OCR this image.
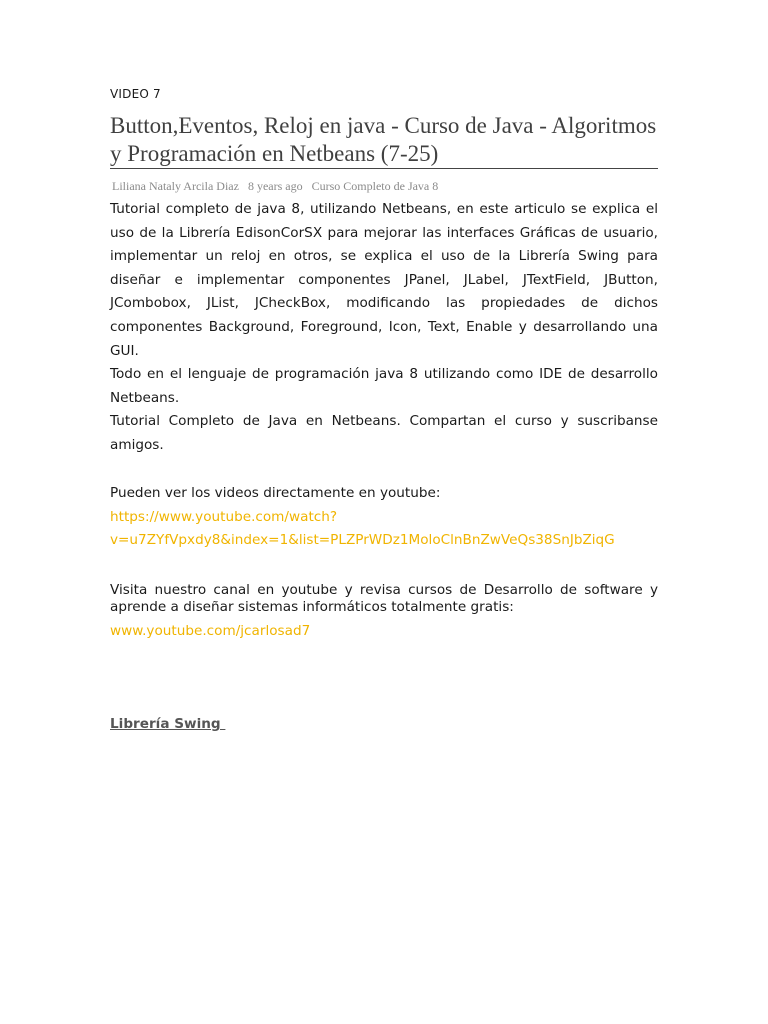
VIDEO 7
Button,Eventos, Reloj en java - Curso de Java - Algoritmos y Programación en Netbeans (7-25)
Liliana Nataly Arcila Diaz 8 years ago Curso Completo de Java 8

Tutorial completo de java 8, utilizando Netbeans, en este articulo se explica el uso de la Librería EdisonCorSX para mejorar las interfaces Gráficas de usuario, implementar un reloj en otros, se explica el uso de la Librería Swing para diseñar e implementar componentes JPanel, JLabel, JTextField, JButton, JCombobox, JList, JCheckBox, modificando las propiedades de dichos componentes Background, Foreground, Icon, Text, Enable y desarrollando una GUI.

Todo en el lenguaje de programación java 8 utilizando como IDE de desarrollo Netbeans.

Tutorial Completo de Java en Netbeans. Compartan el curso y suscribanse amigos.

Pueden ver los videos directamente en youtube:

https://www.youtube.com/watch?
v=u7ZYfVpxdy8&index=1&list=PLZPrWDz1MoloClnBnZwVeQs38SnJbZiqG

Visita nuestro canal en youtube y revisa cursos de Desarrollo de software y aprende a diseñar sistemas informáticos totalmente gratis:

www.youtube.com/jcarlosad7
Librería Swing
